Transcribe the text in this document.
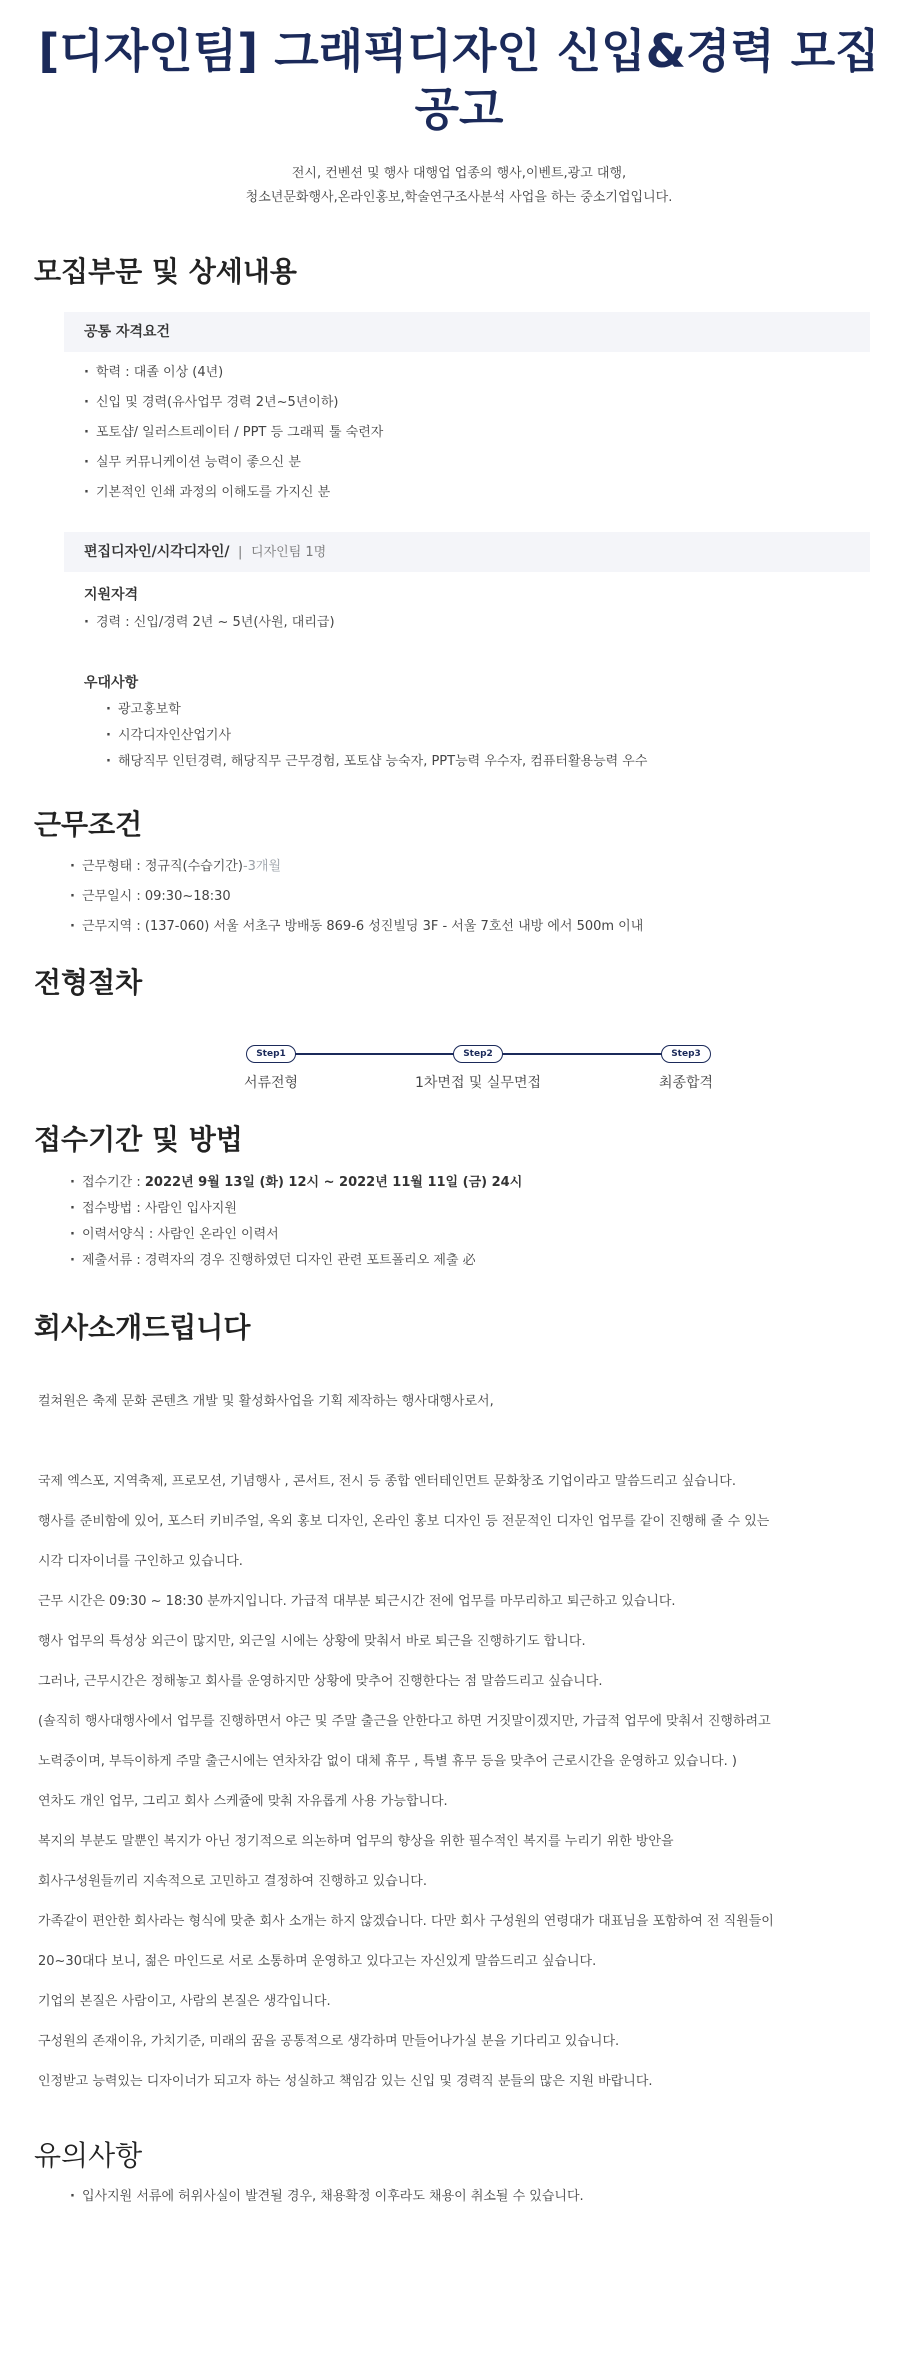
[디자인팀] 그래픽디자인 신입&경력 모집
공고
전시, 컨벤션 및 행사 대행업 업종의 행사,이벤트,광고 대행,
청소년문화행사,온라인홍보,학술연구조사분석 사업을 하는 중소기업입니다.
모집부문 및 상세내용
공통 자격요건
· 학력 : 대졸 이상 (4년)
· 신입 및 경력(유사업무 경력 2년~5년이하)
· 포토샵/ 일러스트레이터 / PPT 등 그래픽 툴 숙련자
· 실무 커뮤니케이션 능력이 좋으신 분
· 기본적인 인쇄 과정의 이해도를 가지신 분
편집디자인/시각디자인/  |  디자인팀 1명
지원자격
· 경력 : 신입/경력 2년 ~ 5년(사원, 대리급)
우대사항
· 광고홍보학
· 시각디자인산업기사
· 해당직무 인턴경력, 해당직무 근무경험, 포토샵 능숙자, PPT능력 우수자, 컴퓨터활용능력 우수
근무조건
· 근무형태 : 정규직(수습기간)-3개월
· 근무일시 : 09:30~18:30
· 근무지역 : (137-060) 서울 서초구 방배동 869-6 성진빌딩 3F - 서울 7호선 내방 에서 500m 이내
전형절차
Step1	Step2	Step3
서류전형	1차면접 및 실무면접	최종합격
접수기간 및 방법
· 접수기간 : 2022년 9월 13일 (화) 12시 ~ 2022년 11월 11일 (금) 24시
· 접수방법 : 사람인 입사지원
· 이력서양식 : 사람인 온라인 이력서
· 제출서류 : 경력자의 경우 진행하였던 디자인 관련 포트폴리오 제출 必
회사소개드립니다
컬쳐원은 축제 문화 콘텐츠 개발 및 활성화사업을 기획 제작하는 행사대행사로서,
국제 엑스포, 지역축제, 프로모션, 기념행사 , 콘서트, 전시 등 종합 엔터테인먼트 문화창조 기업이라고 말씀드리고 싶습니다.
행사를 준비함에 있어, 포스터 키비주얼, 옥외 홍보 디자인, 온라인 홍보 디자인 등 전문적인 디자인 업무를 같이 진행해 줄 수 있는
시각 디자이너를 구인하고 있습니다.
근무 시간은 09:30 ~ 18:30 분까지입니다. 가급적 대부분 퇴근시간 전에 업무를 마무리하고 퇴근하고 있습니다.
행사 업무의 특성상 외근이 많지만, 외근일 시에는 상황에 맞춰서 바로 퇴근을 진행하기도 합니다.
그러나, 근무시간은 정해놓고 회사를 운영하지만 상황에 맞추어 진행한다는 점 말씀드리고 싶습니다.
(솔직히 행사대행사에서 업무를 진행하면서 야근 및 주말 출근을 안한다고 하면 거짓말이겠지만, 가급적 업무에 맞춰서 진행하려고
노력중이며, 부득이하게 주말 출근시에는 연차차감 없이 대체 휴무 , 특별 휴무 등을 맞추어 근로시간을 운영하고 있습니다. )
연차도 개인 업무, 그리고 회사 스케쥴에 맞춰 자유롭게 사용 가능합니다.
복지의 부분도 말뿐인 복지가 아닌 정기적으로 의논하며 업무의 향상을 위한 필수적인 복지를 누리기 위한 방안을
회사구성원들끼리 지속적으로 고민하고 결정하여 진행하고 있습니다.
가족같이 편안한 회사라는 형식에 맞춘 회사 소개는 하지 않겠습니다. 다만 회사 구성원의 연령대가 대표님을 포함하여 전 직원들이
20~30대다 보니, 젊은 마인드로 서로 소통하며 운영하고 있다고는 자신있게 말씀드리고 싶습니다.
기업의 본질은 사람이고, 사람의 본질은 생각입니다.
구성원의 존재이유, 가치기준, 미래의 꿈을 공통적으로 생각하며 만들어나가실 분을 기다리고 있습니다.
인정받고 능력있는 디자이너가 되고자 하는 성실하고 책임감 있는 신입 및 경력직 분들의 많은 지원 바랍니다.
유의사항
· 입사지원 서류에 허위사실이 발견될 경우, 채용확정 이후라도 채용이 취소될 수 있습니다.
